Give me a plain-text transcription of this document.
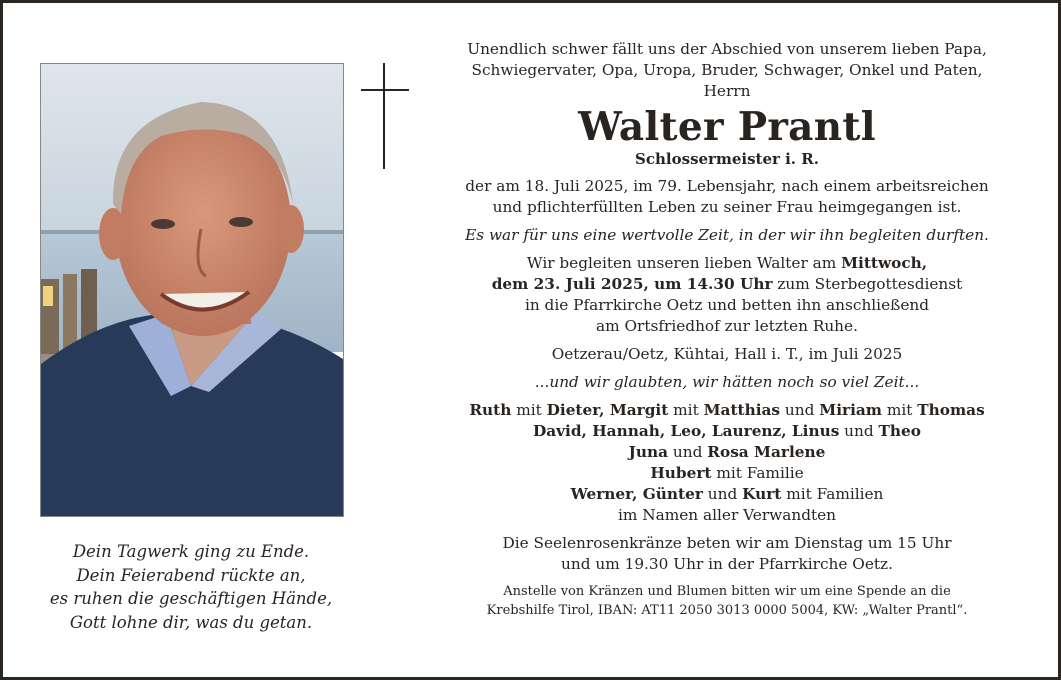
Dein Tagwerk ging zu Ende.
Dein Feierabend rückte an,
es ruhen die geschäftigen Hände,
Gott lohne dir, was du getan.
Unendlich schwer fällt uns der Abschied von unserem lieben Papa,
Schwiegervater, Opa, Uropa, Bruder, Schwager, Onkel und Paten,
Herrn
Walter Prantl
Schlossermeister i. R.
der am 18. Juli 2025, im 79. Lebensjahr, nach einem arbeitsreichen
und pflichterfüllten Leben zu seiner Frau heimgegangen ist.
Es war für uns eine wertvolle Zeit, in der wir ihn begleiten durften.
Wir begleiten unseren lieben Walter am Mittwoch,
dem 23. Juli 2025, um 14.30 Uhr zum Sterbegottesdienst
in die Pfarrkirche Oetz und betten ihn anschließend
am Ortsfriedhof zur letzten Ruhe.
Oetzerau/Oetz, Kühtai, Hall i. T., im Juli 2025
...und wir glaubten, wir hätten noch so viel Zeit...
Ruth mit Dieter, Margit mit Matthias und Miriam mit Thomas
David, Hannah, Leo, Laurenz, Linus und Theo
Juna und Rosa Marlene
Hubert mit Familie
Werner, Günter und Kurt mit Familien
im Namen aller Verwandten
Die Seelenrosenkränze beten wir am Dienstag um 15 Uhr
und um 19.30 Uhr in der Pfarrkirche Oetz.
Anstelle von Kränzen und Blumen bitten wir um eine Spende an die
Krebshilfe Tirol, IBAN: AT11 2050 3013 0000 5004, KW: „Walter Prantl“.
